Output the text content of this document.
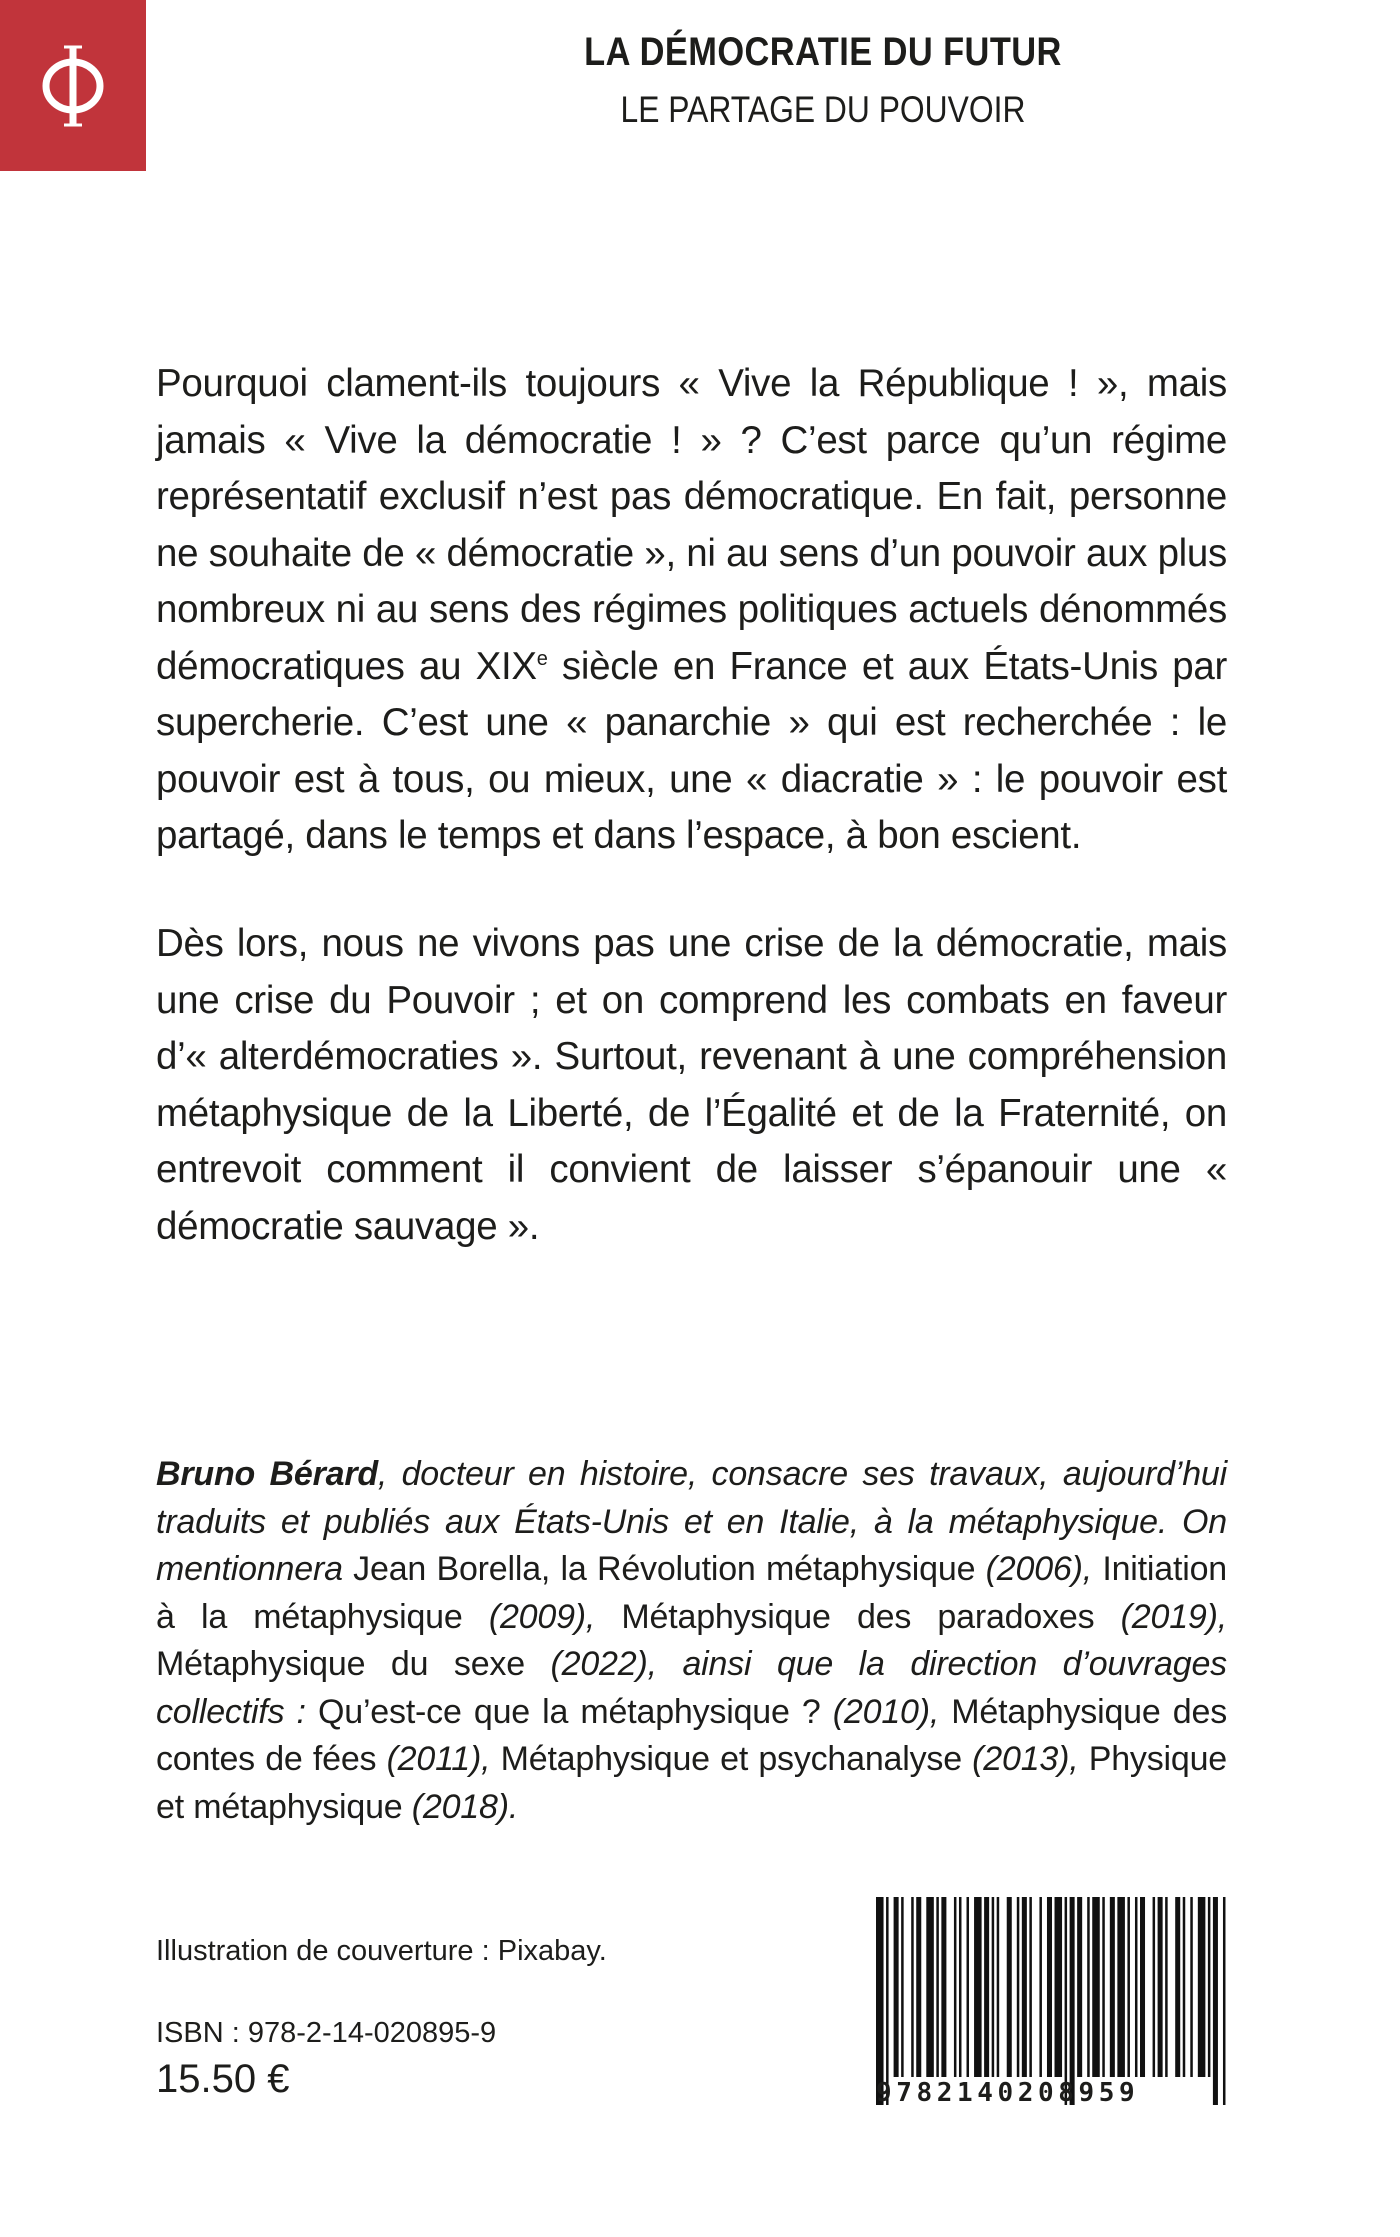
LA DÉMOCRATIE DU FUTUR
LE PARTAGE DU POUVOIR

Pourquoi clament-ils toujours « Vive la République ! », mais jamais « Vive la démocratie ! » ? C’est parce qu’un régime représentatif exclusif n’est pas démocratique. En fait, personne ne souhaite de « démocratie », ni au sens d’un pouvoir aux plus nombreux ni au sens des régimes politiques actuels dénommés démocratiques au XIXe siècle en France et aux États-Unis par supercherie. C’est une « panarchie » qui est recherchée : le pouvoir est à tous, ou mieux, une « diacratie » : le pouvoir est partagé, dans le temps et dans l’espace, à bon escient.

Dès lors, nous ne vivons pas une crise de la démocratie, mais une crise du Pouvoir ; et on comprend les combats en faveur d’« alterdémocraties ». Surtout, revenant à une compréhension métaphysique de la Liberté, de l’Égalité et de la Fraternité, on entrevoit comment il convient de laisser s’épanouir une « démocratie sauvage ».

Bruno Bérard, docteur en histoire, consacre ses travaux, aujourd’hui traduits et publiés aux États-Unis et en Italie, à la métaphysique. On mentionnera Jean Borella, la Révolution métaphysique (2006), Initiation à la métaphysique (2009), Métaphysique des paradoxes (2019), Métaphysique du sexe (2022), ainsi que la direction d’ouvrages collectifs : Qu’est-ce que la métaphysique ? (2010), Métaphysique des contes de fées (2011), Métaphysique et psychanalyse (2013), Physique et métaphysique (2018).
Illustration de couverture : Pixabay.
ISBN : 978-2-14-020895-9
15.50 €	9782140208959
